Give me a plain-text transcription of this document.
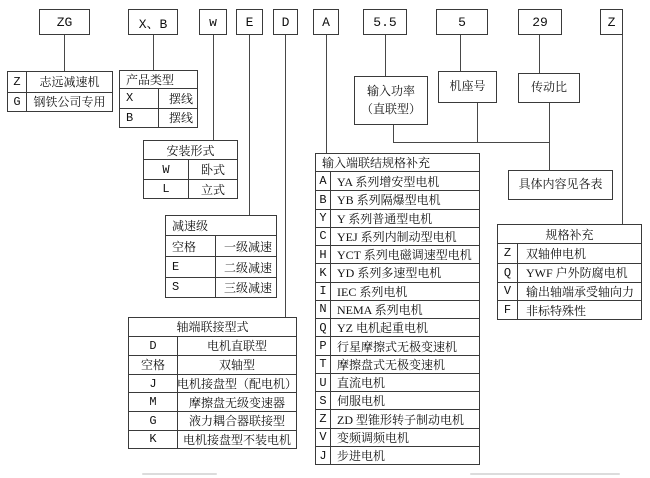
ZG	X、B	w	E	D	A	5.5	5	29	Z
输入功率
（直联型）
机座号	传动比
具体内容见各表
Z	志远减速机
G	钢铁公司专用
产品类型
X	摆线
B	摆线
安装形式
W	卧式
L	立式
减速级
空格	一级减速
E	二级减速
S	三级减速
轴端联接型式
D	电机直联型
空格	双轴型
J	电机接盘型（配电机）
M	摩擦盘无级变速器
G	液力耦合器联接型
K	电机接盘型不装电机
输入端联结规格补充
A YA 系列增安型电机
B YB 系列隔爆型电机
Y Y 系列普通型电机
C YEJ 系列内制动型电机
H YCT 系列电磁调速型电机
K YD 系列多速型电机
I IEC 系列电机
N NEMA 系列电机
Q YZ 电机起重电机
P 行星摩擦式无极变速机
T 摩擦盘式无极变速机
U 直流电机
S 伺服电机
Z ZD 型锥形转子制动电机
V 变频调频电机
J 步进电机
规格补充
Z	双轴伸电机
Q	YWF 户外防腐电机
V	输出轴端承受轴向力
F	非标特殊性
